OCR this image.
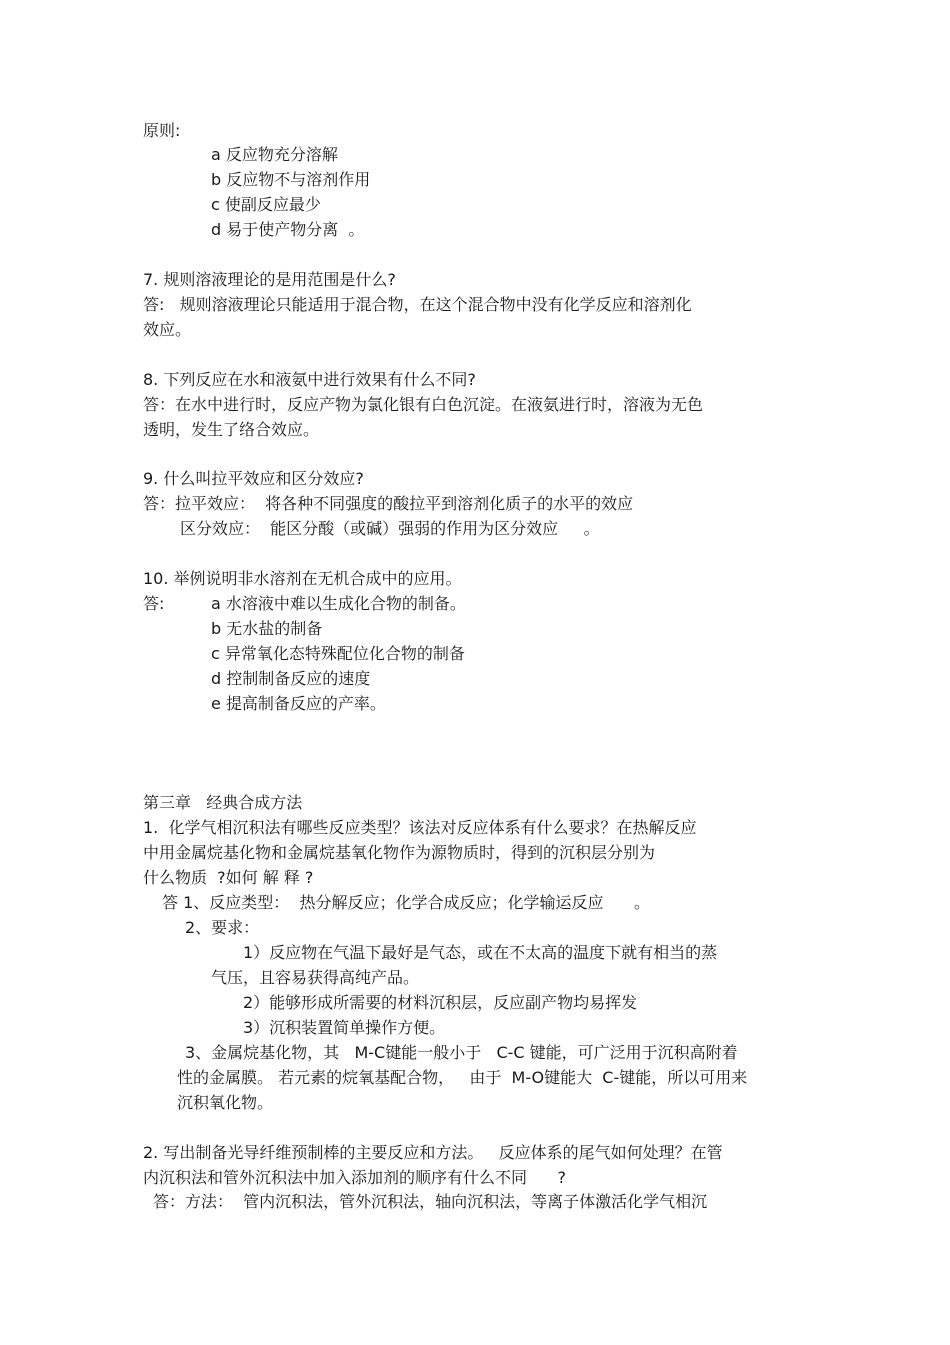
原则:
a 反应物充分溶解
b 反应物不与溶剂作用
c 使副反应最少
d 易于使产物分离  。
7. 规则溶液理论的是用范围是什么?
答:   规则溶液理论只能适用于混合物，在这个混合物中没有化学反应和溶剂化
效应。
8. 下列反应在水和液氨中进行效果有什么不同?
答：在水中进行时，反应产物为氯化银有白色沉淀。在液氨进行时，溶液为无色
透明，发生了络合效应。
9. 什么叫拉平效应和区分效应?
答：拉平效应：  将各种不同强度的酸拉平到溶剂化质子的水平的效应
区分效应：  能区分酸（或碱）强弱的作用为区分效应     。
10. 举例说明非水溶剂在无机合成中的应用。
答:	a 水溶液中难以生成化合物的制备。
b 无水盐的制备
c 异常氧化态特殊配位化合物的制备
d 控制制备反应的速度
e 提高制备反应的产率。
第三章   经典合成方法
1.  化学气相沉积法有哪些反应类型？该法对反应体系有什么要求？在热解反应
中用金属烷基化物和金属烷基氧化物作为源物质时，得到的沉积层分别为
什么物质  ?如何 解 释 ?
答 1、反应类型：  热分解反应；化学合成反应；化学输运反应      。
2、要求：
1）反应物在气温下最好是气态，或在不太高的温度下就有相当的蒸
气压，且容易获得高纯产品。
2）能够形成所需要的材料沉积层，反应副产物均易挥发
3）沉积装置简单操作方便。
3、金属烷基化物，其   M-C键能一般小于   C-C 键能，可广泛用于沉积高附着
性的金属膜。 若元素的烷氧基配合物，   由于  M-O键能大  C-键能，所以可用来
沉积氧化物。
2. 写出制备光导纤维预制棒的主要反应和方法。   反应体系的尾气如何处理？在管
内沉积法和管外沉积法中加入添加剂的顺序有什么不同      ?
答：方法：  管内沉积法，管外沉积法，轴向沉积法，等离子体激活化学气相沉
